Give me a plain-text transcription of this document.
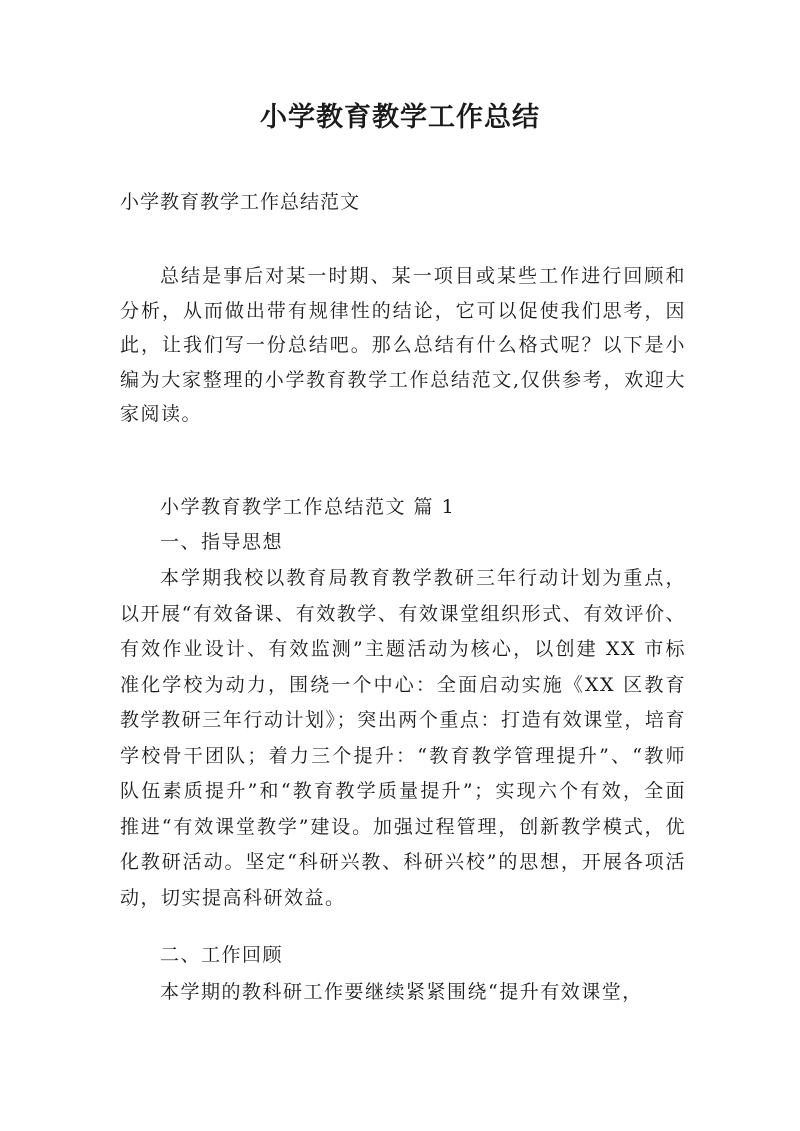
小学教育教学工作总结
小学教育教学工作总结范文
总结是事后对某一时期、某一项目或某些工作进行回顾和分析，从而做出带有规律性的结论，它可以促使我们思考，因此，让我们写一份总结吧。那么总结有什么格式呢？以下是小编为大家整理的小学教育教学工作总结范文,仅供参考，欢迎大家阅读。
小学教育教学工作总结范文 篇 1
一、指导思想
本学期我校以教育局教育教学教研三年行动计划为重点，以开展“有效备课、有效教学、有效课堂组织形式、有效评价、有效作业设计、有效监测”主题活动为核心，以创建 XX 市标准化学校为动力，围绕一个中心：全面启动实施《XX 区教育教学教研三年行动计划》；突出两个重点：打造有效课堂，培育学校骨干团队；着力三个提升：“教育教学管理提升”、“教师队伍素质提升”和“教育教学质量提升”；实现六个有效，全面推进“有效课堂教学”建设。加强过程管理，创新教学模式，优化教研活动。坚定“科研兴教、科研兴校”的思想，开展各项活动，切实提高科研效益。
二、工作回顾
本学期的教科研工作要继续紧紧围绕“提升有效课堂，
